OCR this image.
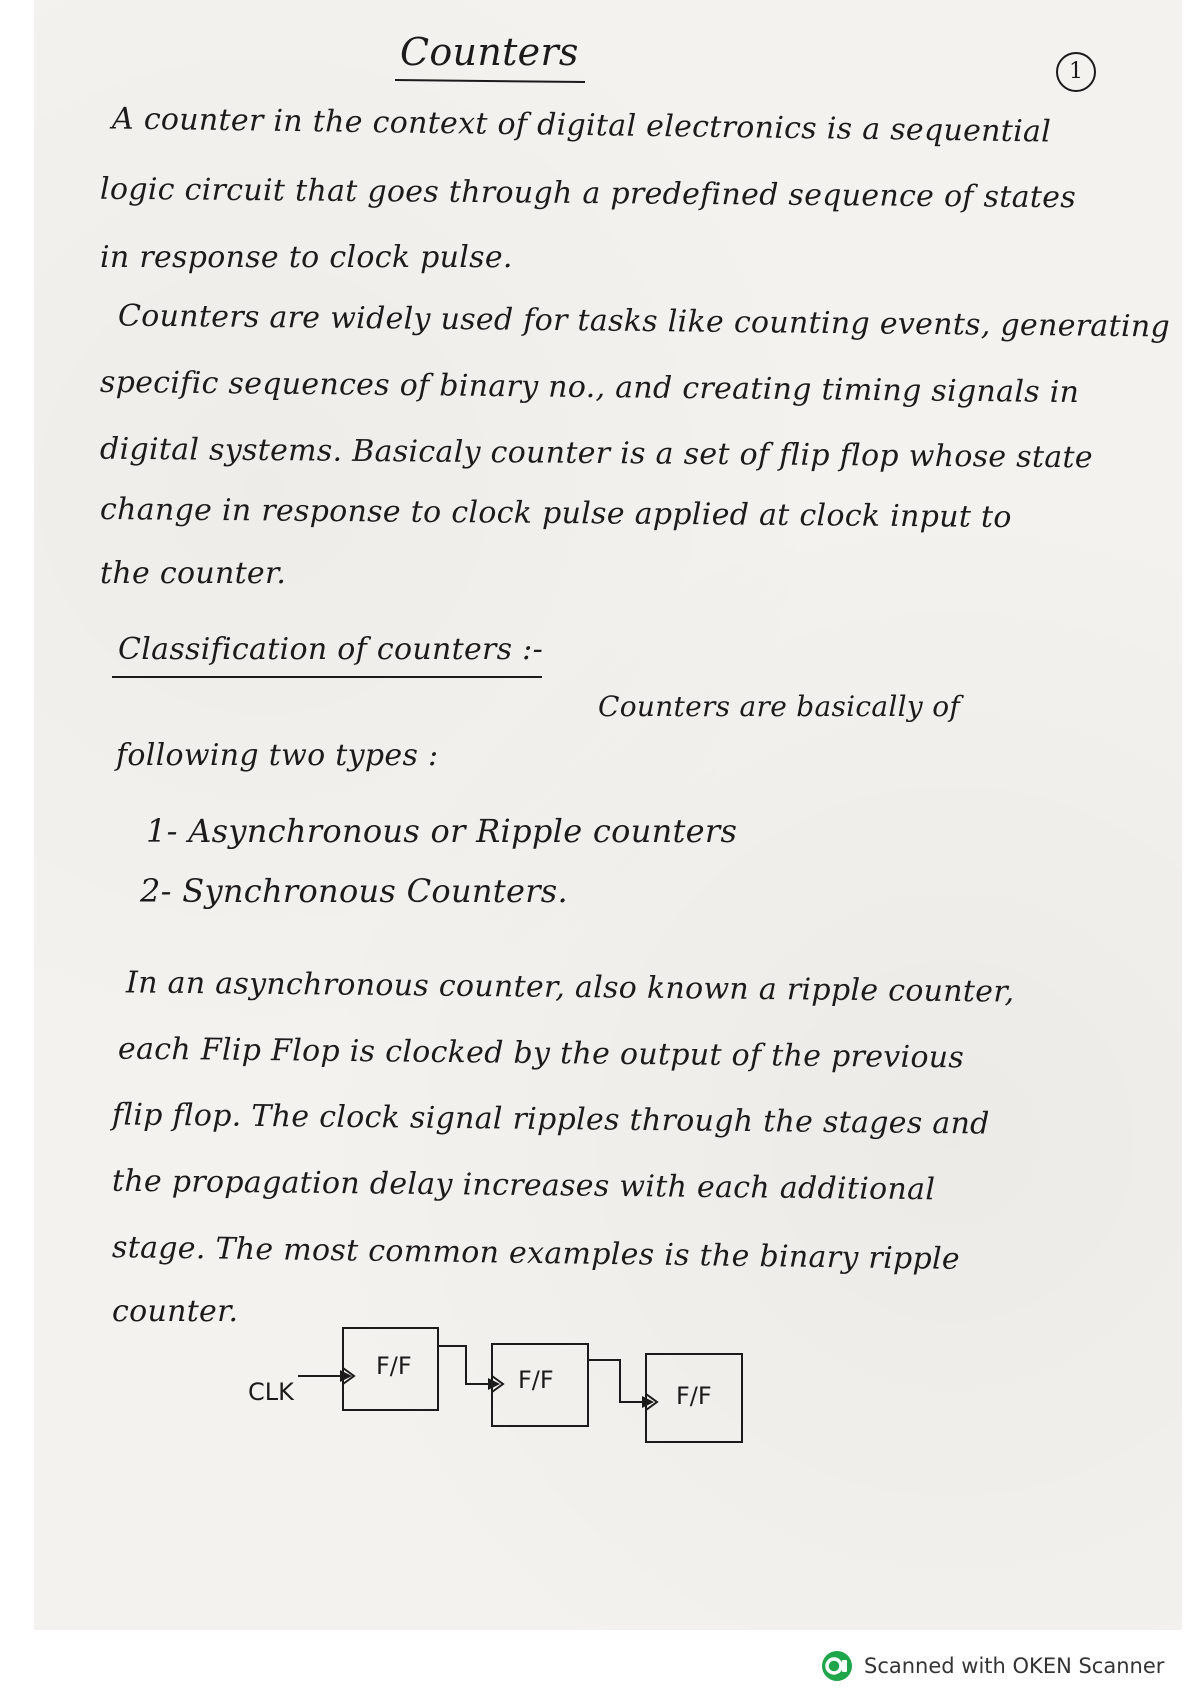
Counters	1
A counter in the context of digital electronics is a sequential
logic circuit that goes through a predefined sequence of states
in response to clock pulse.
Counters are widely used for tasks like counting events, generating
specific sequences of binary no., and creating timing signals in
digital systems. Basicaly counter is a set of flip flop whose state
change in response to clock pulse applied at clock input to
the counter.
Classification of counters :-
Counters are basically of
following two types :
1- Asynchronous or Ripple counters
2- Synchronous Counters.
In an asynchronous counter, also known a ripple counter,
each Flip Flop is clocked by the output of the previous
flip flop. The clock signal ripples through the stages and
the propagation delay increases with each additional
stage. The most common examples is the binary ripple
counter.
CLK
F/F	F/F
F/F
Scanned with OKEN Scanner
